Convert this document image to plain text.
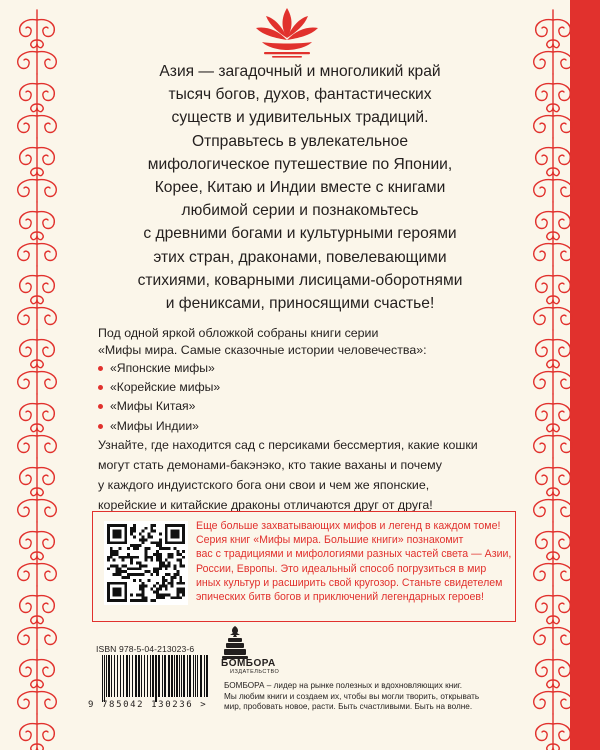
Азия — загадочный и многоликий край
тысяч богов, духов, фантастических
существ и удивительных традиций.
Отправьтесь в увлекательное
мифологическое путешествие по Японии,
Корее, Китаю и Индии вместе с книгами
любимой серии и познакомьтесь
с древними богами и культурными героями
этих стран, драконами, повелевающими
стихиями, коварными лисицами-оборотнями
и фениксами, приносящими счастье!
Под одной яркой обложкой собраны книги серии
«Мифы мира. Самые сказочные истории человечества»:
«Японские мифы»
«Корейские мифы»
«Мифы Китая»
«Мифы Индии»
Узнайте, где находится сад с персиками бессмертия, какие кошки
могут стать демонами-бакэнэко, кто такие ваханы и почему
у каждого индуистского бога они свои и чем же японские,
корейские и китайские драконы отличаются друг от друга!
Еще больше захватывающих мифов и легенд в каждом томе!
Серия книг «Мифы мира. Большие книги» познакомит
вас с традициями и мифологиями разных частей света — Азии,
России, Европы. Это идеальный способ погрузиться в мир
иных культур и расширить свой кругозор. Станьте свидетелем
эпических битв богов и приключений легендарных героев!
ISBN 978-5-04-213023-6
9 785042 130236 >
БОМБОРА
ИЗДАТЕЛЬСТВО
БОМБОРА – лидер на рынке полезных и вдохновляющих книг.
Мы любим книги и создаем их, чтобы вы могли творить, открывать
мир, пробовать новое, расти. Быть счастливыми. Быть на волне.
